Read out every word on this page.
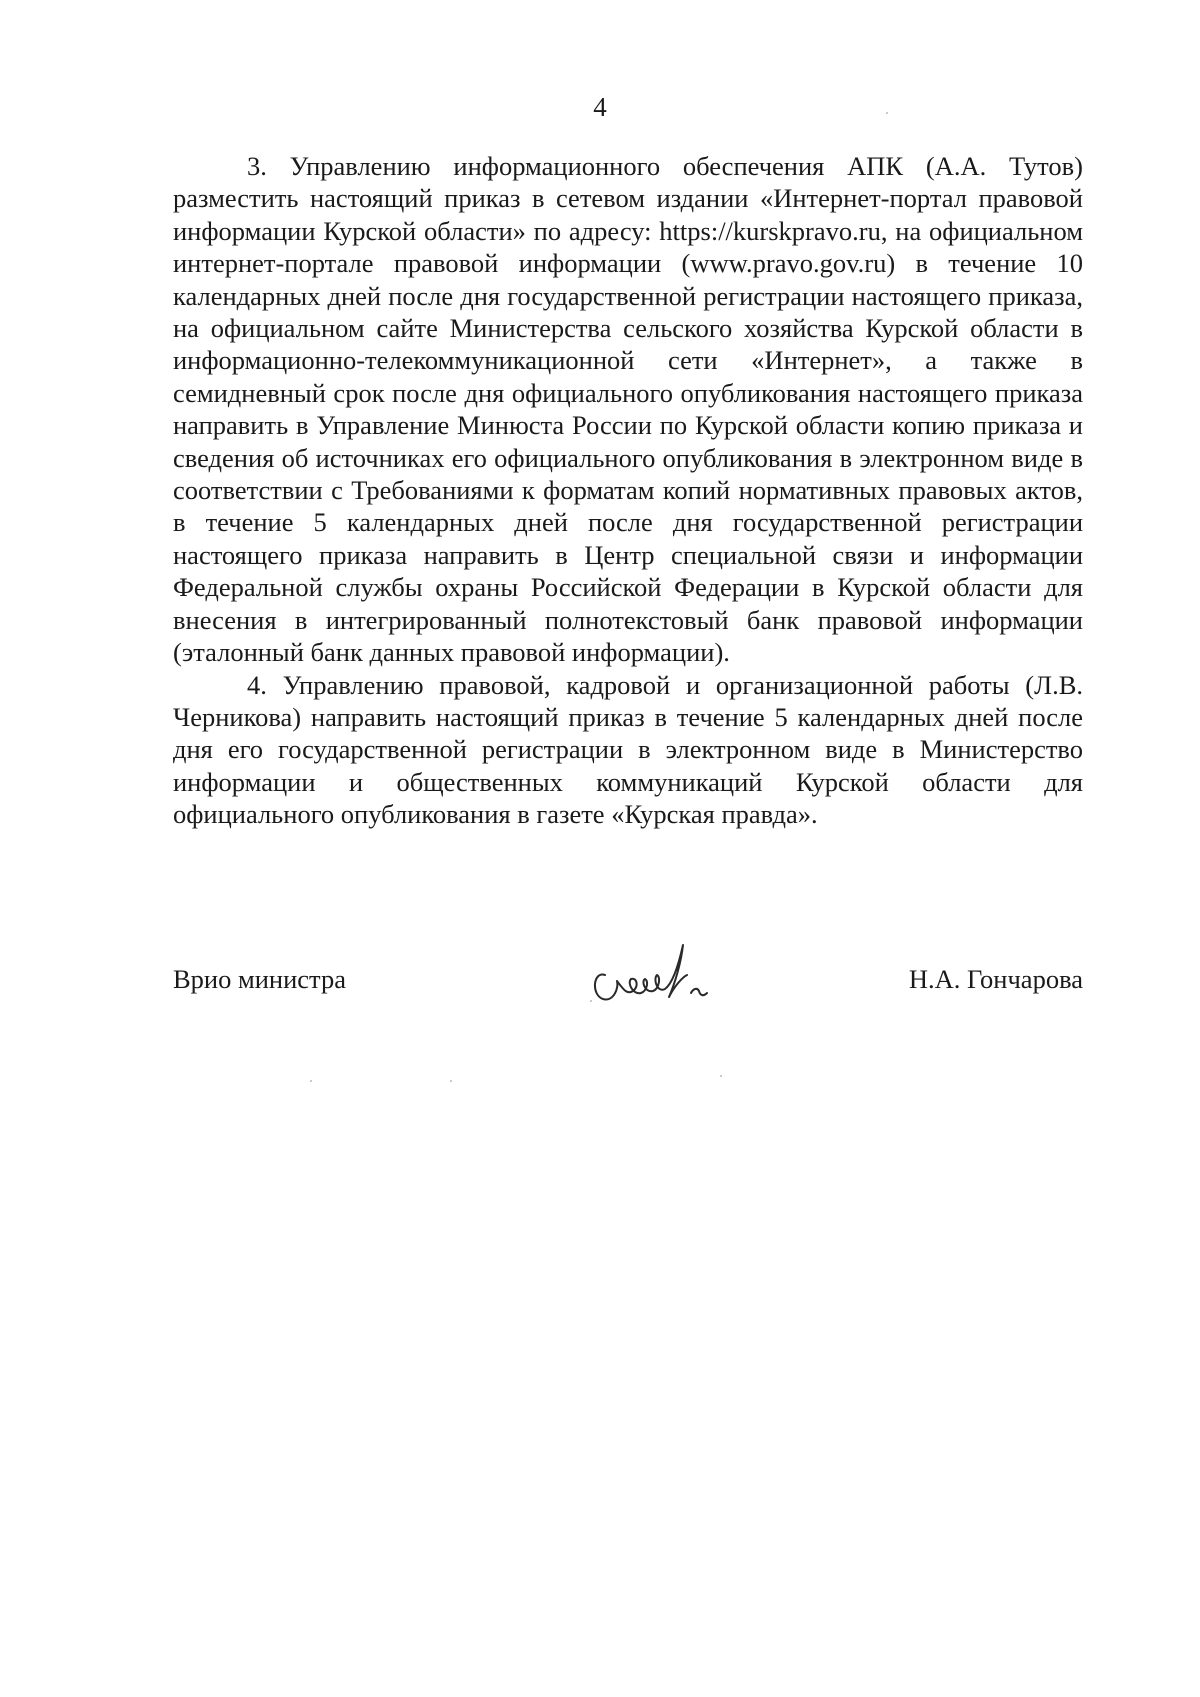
4

3. Управлению информационного обеспечения АПК (А.А. Тутов) разместить настоящий приказ в сетевом издании «Интернет-портал правовой информации Курской области» по адресу: https://kurskpravo.ru, на официальном интернет-портале правовой информации (www.pravo.gov.ru) в течение 10 календарных дней после дня государственной регистрации настоящего приказа, на официальном сайте Министерства сельского хозяйства Курской области в информационно-телекоммуникационной сети «Интернет», а также в семидневный срок после дня официального опубликования настоящего приказа направить в Управление Минюста России по Курской области копию приказа и сведения об источниках его официального опубликования в электронном виде в соответствии с Требованиями к форматам копий нормативных правовых актов, в течение 5 календарных дней после дня государственной регистрации настоящего приказа направить в Центр специальной связи и информации Федеральной службы охраны Российской Федерации в Курской области для внесения в интегрированный полнотекстовый банк правовой информации (эталонный банк данных правовой информации).

4. Управлению правовой, кадровой и организационной работы (Л.В. Черникова) направить настоящий приказ в течение 5 календарных дней после дня его государственной регистрации в электронном виде в Министерство информации и общественных коммуникаций Курской области для официального опубликования в газете «Курская правда».

Врио министра	Н.А. Гончарова
